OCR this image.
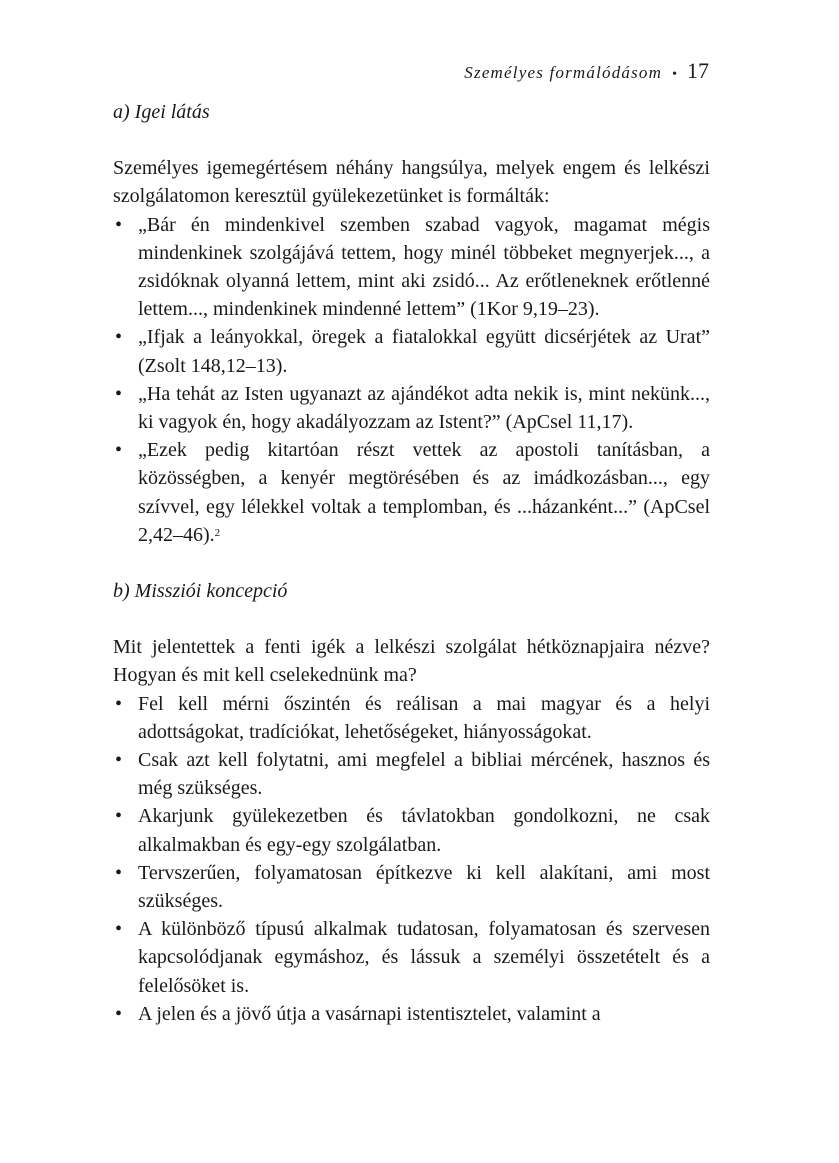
Személyes formálódásom • 17

a) Igei látás

Személyes igemegértésem néhány hangsúlya, melyek engem és lelkészi szolgálatomon keresztül gyülekezetünket is formálták:

• „Bár én mindenkivel szemben szabad vagyok, magamat mégis mindenkinek szolgájává tettem, hogy minél többeket megnyerjek..., a zsidóknak olyanná lettem, mint aki zsidó... Az erőtleneknek erőtlenné lettem..., mindenkinek mindenné lettem” (1Kor 9,19–23).
• „Ifjak a leányokkal, öregek a fiatalokkal együtt dicsérjétek az Urat” (Zsolt 148,12–13).
• „Ha tehát az Isten ugyanazt az ajándékot adta nekik is, mint nekünk..., ki vagyok én, hogy akadályozzam az Istent?” (ApCsel 11,17).
• „Ezek pedig kitartóan részt vettek az apostoli tanításban, a közösségben, a kenyér megtörésében és az imádkozásban..., egy szívvel, egy lélekkel voltak a templomban, és ...házanként...” (ApCsel 2,42–46).$^2$

b) Missziói koncepció

Mit jelentettek a fenti igék a lelkészi szolgálat hétköznapjaira nézve? Hogyan és mit kell cselekednünk ma?

• Fel kell mérni őszintén és reálisan a mai magyar és a helyi adottságokat, tradíciókat, lehetőségeket, hiányosságokat.
• Csak azt kell folytatni, ami megfelel a bibliai mércének, hasznos és még szükséges.
• Akarjunk gyülekezetben és távlatokban gondolkozni, ne csak alkalmakban és egy-egy szolgálatban.
• Tervszerűen, folyamatosan építkezve ki kell alakítani, ami most szükséges.
• A különböző típusú alkalmak tudatosan, folyamatosan és szervesen kapcsolódjanak egymáshoz, és lássuk a személyi összetételt és a felelősöket is.
• A jelen és a jövő útja a vasárnapi istentisztelet, valamint a
